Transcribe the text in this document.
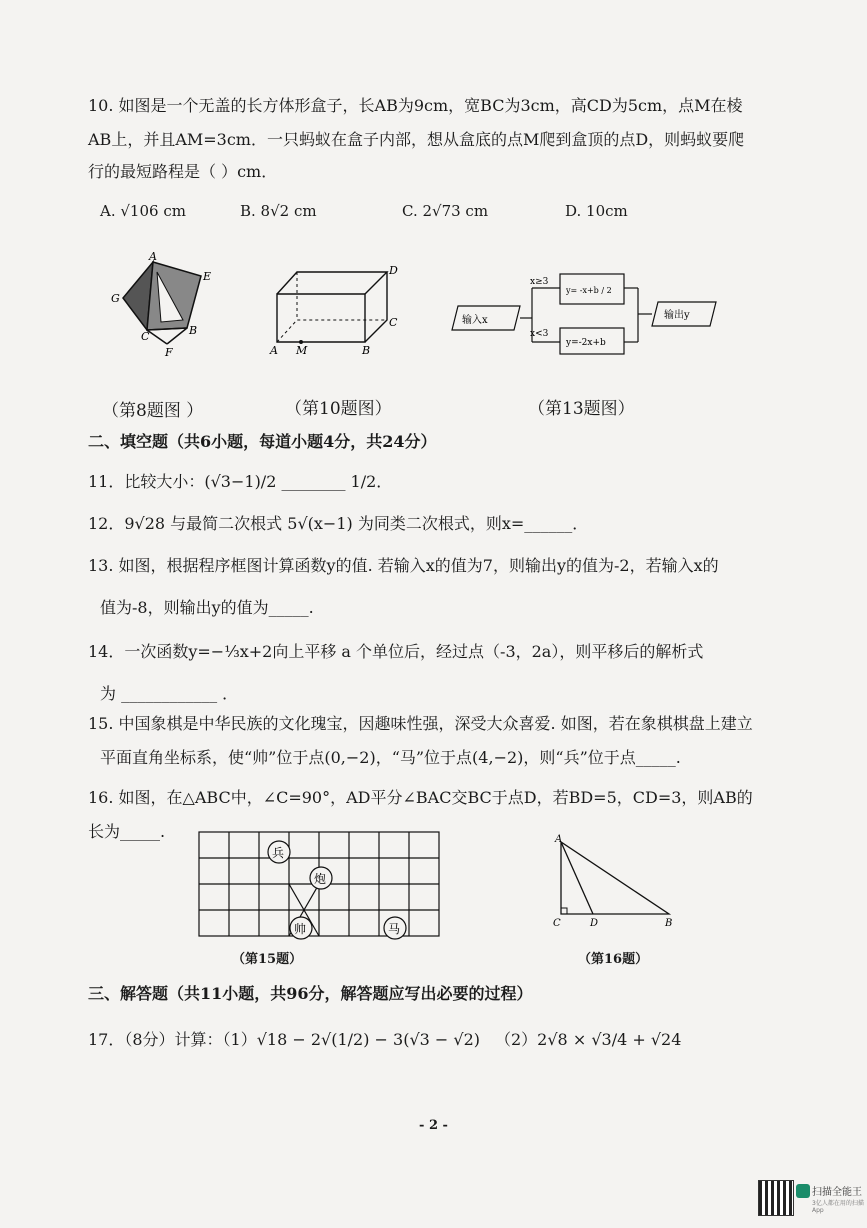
10. 如图是一个无盖的长方体形盒子，长AB为9cm，宽BC为3cm，高CD为5cm，点M在棱
AB上，并且AM=3cm．一只蚂蚁在盒子内部，想从盒底的点M爬到盒顶的点D，则蚂蚁要爬
行的最短路程是（ ）cm．
A. √106 cm	B. 8√2 cm	C. 2√73 cm	D. 10cm
A
E
G
C	B
F
D
C
A M	B
输入x
x≥3
x<3
y= -x+b / 2
y=-2x+b
输出y
（第8题图 ）	（第10题图）	（第13题图）
二、填空题（共6小题，每道小题4分，共24分）
11．比较大小：(√3−1)/2 ________ 1/2．
12．9√28 与最简二次根式 5√(x−1) 为同类二次根式，则x=______．
13. 如图，根据程序框图计算函数y的值. 若输入x的值为7，则输出y的值为-2，若输入x的
值为-8，则输出y的值为_____.
14．一次函数y=−⅓x+2向上平移 a 个单位后，经过点（-3，2a），则平移后的解析式
为 ____________ ．
15. 中国象棋是中华民族的文化瑰宝，因趣味性强，深受大众喜爱. 如图，若在象棋棋盘上建立
平面直角坐标系，使“帅”位于点(0,−2)，“马”位于点(4,−2)，则“兵”位于点_____.
16. 如图，在△ABC中，∠C=90°，AD平分∠BAC交BC于点D，若BD=5，CD=3，则AB的
长为_____.
兵
炮
帅	马
A
C	D	B
（第15题）	（第16题）
三、解答题（共11小题，共96分，解答题应写出必要的过程）
17．（8分）计算：（1）√18 − 2√(1/2) − 3(√3 − √2) （2）2√8 × √3/4 + √24
- 2 -
扫描全能王
3亿人都在用的扫描App
